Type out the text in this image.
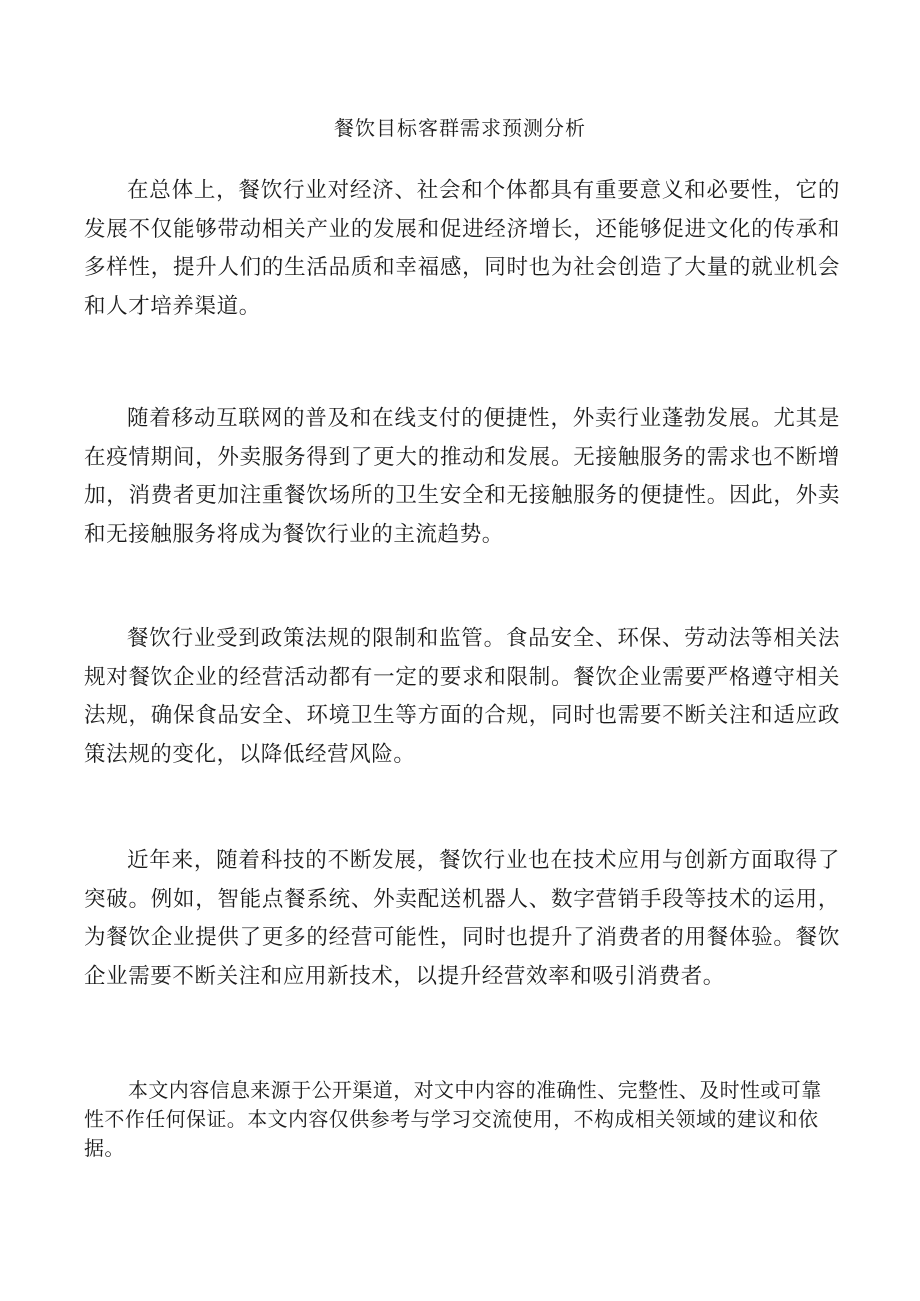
餐饮目标客群需求预测分析

在总体上，餐饮行业对经济、社会和个体都具有重要意义和必要性，它的发展不仅能够带动相关产业的发展和促进经济增长，还能够促进文化的传承和多样性，提升人们的生活品质和幸福感，同时也为社会创造了大量的就业机会和人才培养渠道。

随着移动互联网的普及和在线支付的便捷性，外卖行业蓬勃发展。尤其是在疫情期间，外卖服务得到了更大的推动和发展。无接触服务的需求也不断增加，消费者更加注重餐饮场所的卫生安全和无接触服务的便捷性。因此，外卖和无接触服务将成为餐饮行业的主流趋势。

餐饮行业受到政策法规的限制和监管。食品安全、环保、劳动法等相关法规对餐饮企业的经营活动都有一定的要求和限制。餐饮企业需要严格遵守相关法规，确保食品安全、环境卫生等方面的合规，同时也需要不断关注和适应政策法规的变化，以降低经营风险。

近年来，随着科技的不断发展，餐饮行业也在技术应用与创新方面取得了突破。例如，智能点餐系统、外卖配送机器人、数字营销手段等技术的运用，为餐饮企业提供了更多的经营可能性，同时也提升了消费者的用餐体验。餐饮企业需要不断关注和应用新技术，以提升经营效率和吸引消费者。

本文内容信息来源于公开渠道，对文中内容的准确性、完整性、及时性或可靠性不作任何保证。本文内容仅供参考与学习交流使用，不构成相关领域的建议和依据。
